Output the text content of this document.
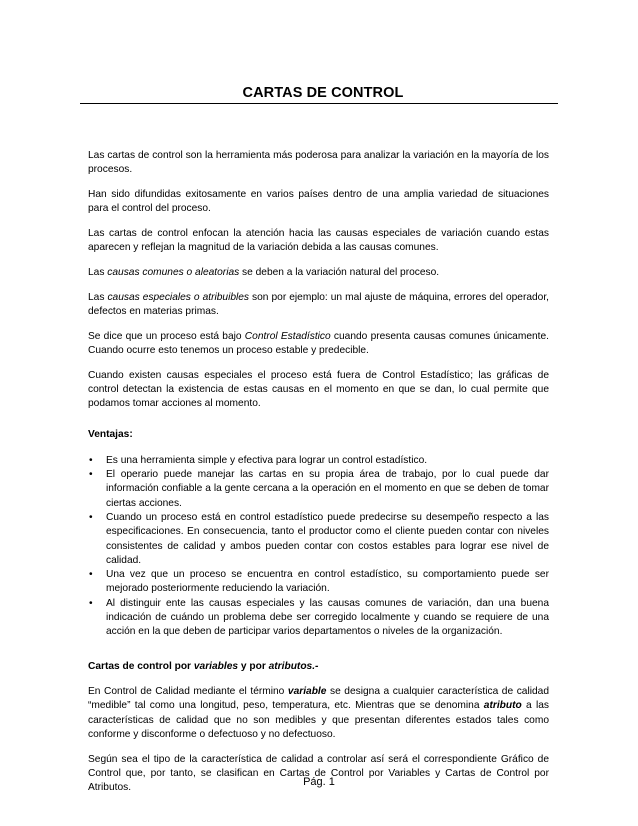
CARTAS DE CONTROL

Las cartas de control son la herramienta más poderosa para analizar la variación en la mayoría de los procesos.

Han sido difundidas exitosamente en varios países dentro de una amplia variedad de situaciones para el control del proceso.

Las cartas de control enfocan la atención hacia las causas especiales de variación cuando estas aparecen y reflejan la magnitud de la variación debida a las causas comunes.

Las causas comunes o aleatorias se deben a la variación natural del proceso.

Las causas especiales o atribuibles son por ejemplo: un mal ajuste de máquina, errores del operador, defectos en materias primas.

Se dice que un proceso está bajo Control Estadístico cuando presenta causas comunes únicamente. Cuando ocurre esto tenemos un proceso estable y predecible.

Cuando existen causas especiales el proceso está fuera de Control Estadístico; las gráficas de control detectan la existencia de estas causas en el momento en que se dan, lo cual permite que podamos tomar acciones al momento.

Ventajas:
• Es una herramienta simple y efectiva para lograr un control estadístico.
• El operario puede manejar las cartas en su propia área de trabajo, por lo cual puede dar información confiable a la gente cercana a la operación en el momento en que se deben de tomar ciertas acciones.
• Cuando un proceso está en control estadístico puede predecirse su desempeño respecto a las especificaciones. En consecuencia, tanto el productor como el cliente pueden contar con niveles consistentes de calidad y ambos pueden contar con costos estables para lograr ese nivel de calidad.
• Una vez que un proceso se encuentra en control estadístico, su comportamiento puede ser mejorado posteriormente reduciendo la variación.
• Al distinguir ente las causas especiales y las causas comunes de variación, dan una buena indicación de cuándo un problema debe ser corregido localmente y cuando se requiere de una acción en la que deben de participar varios departamentos o niveles de la organización.
Cartas de control por variables y por atributos.-

En Control de Calidad mediante el término variable se designa a cualquier característica de calidad “medible” tal como una longitud, peso, temperatura, etc. Mientras que se denomina atributo a las características de calidad que no son medibles y que presentan diferentes estados tales como conforme y disconforme o defectuoso y no defectuoso.

Según sea el tipo de la característica de calidad a controlar así será el correspondiente Gráfico de Control que, por tanto, se clasifican en Cartas de Control por Variables y Cartas de Control por Atributos.	Pág. 1
